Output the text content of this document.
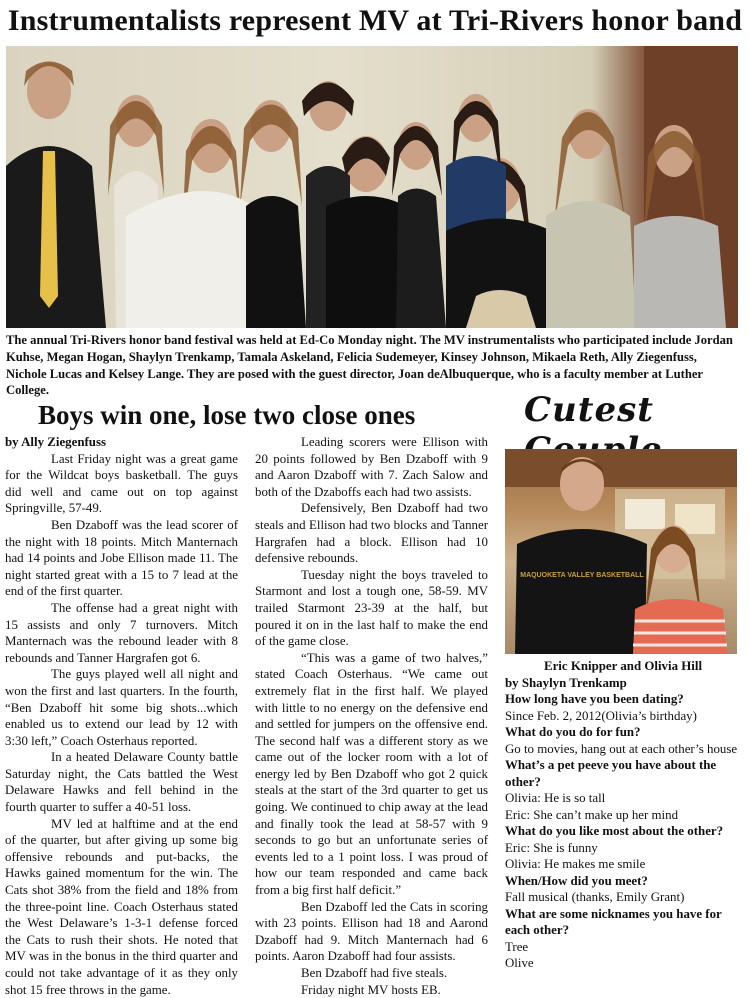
Instrumentalists represent MV at Tri-Rivers honor band
The annual Tri-Rivers honor band festival was held at Ed-Co Monday night. The MV instrumentalists who participated include Jordan Kuhse, Megan Hogan, Shaylyn Trenkamp, Tamala Askeland, Felicia Sudemeyer, Kinsey Johnson, Mikaela Reth, Ally Ziegenfuss, Nichole Lucas and Kelsey Lange. They are posed with the guest director, Joan deAlbuquerque, who is a faculty member at Luther College.
Boys win one, lose two close ones

by Ally Ziegenfuss

Last Friday night was a great game for the Wildcat boys basketball. The guys did well and came out on top against Springville, 57-49.

Ben Dzaboff was the lead scorer of the night with 18 points. Mitch Manternach had 14 points and Jobe Ellison made 11. The night started great with a 15 to 7 lead at the end of the first quarter.

The offense had a great night with 15 assists and only 7 turnovers. Mitch Manternach was the rebound leader with 8 rebounds and Tanner Hargrafen got 6.

The guys played well all night and won the first and last quarters. In the fourth, “Ben Dzaboff hit some big shots...which enabled us to extend our lead by 12 with 3:30 left,” Coach Osterhaus reported.

In a heated Delaware County battle Saturday night, the Cats battled the West Delaware Hawks and fell behind in the fourth quarter to suffer a 40-51 loss.

MV led at halftime and at the end of the quarter, but after giving up some big offensive rebounds and put-backs, the Hawks gained momentum for the win. The Cats shot 38% from the field and 18% from the three-point line. Coach Osterhaus stated the West Delaware’s 1-3-1 defense forced the Cats to rush their shots. He noted that MV was in the bonus in the third quarter and could not take advantage of it as they only shot 15 free throws in the game.

Leading scorers were Ellison with 20 points followed by Ben Dzaboff with 9 and Aaron Dzaboff with 7. Zach Salow and both of the Dzaboffs each had two assists.

Defensively, Ben Dzaboff had two steals and Ellison had two blocks and Tanner Hargrafen had a block. Ellison had 10 defensive rebounds.

Tuesday night the boys traveled to Starmont and lost a tough one, 58-59. MV trailed Starmont 23-39 at the half, but poured it on in the last half to make the end of the game close.

“This was a game of two halves,” stated Coach Osterhaus. “We came out extremely flat in the first half. We played with little to no energy on the defensive end and settled for jumpers on the offensive end. The second half was a different story as we came out of the locker room with a lot of energy led by Ben Dzaboff who got 2 quick steals at the start of the 3rd quarter to get us going. We continued to chip away at the lead and finally took the lead at 58-57 with 9 seconds to go but an unfortunate series of events led to a 1 point loss. I was proud of how our team responded and came back from a big first half deficit.”

Ben Dzaboff led the Cats in scoring with 23 points. Ellison had 18 and Aarond Dzaboff had 9. Mitch Manternach had 6 points. Aaron Dzaboff had four assists.

Ben Dzaboff had five steals.

Friday night MV hosts EB.

Cutest
MAQUOKETA VALLEY BASKETBALL
Eric Knipper and Olivia Hill
by Shaylyn Trenkamp
How long have you been dating?
Since Feb. 2, 2012(Olivia’s birthday)
What do you do for fun?
Go to movies, hang out at each other’s house
What’s a pet peeve you have about the other?
Olivia: He is so tall
Eric: She can’t make up her mind
What do you like most about the other?
Eric: She is funny
Olivia: He makes me smile
When/How did you meet?
Fall musical (thanks, Emily Grant)
What are some nicknames you have for each other?
Tree
Olive
